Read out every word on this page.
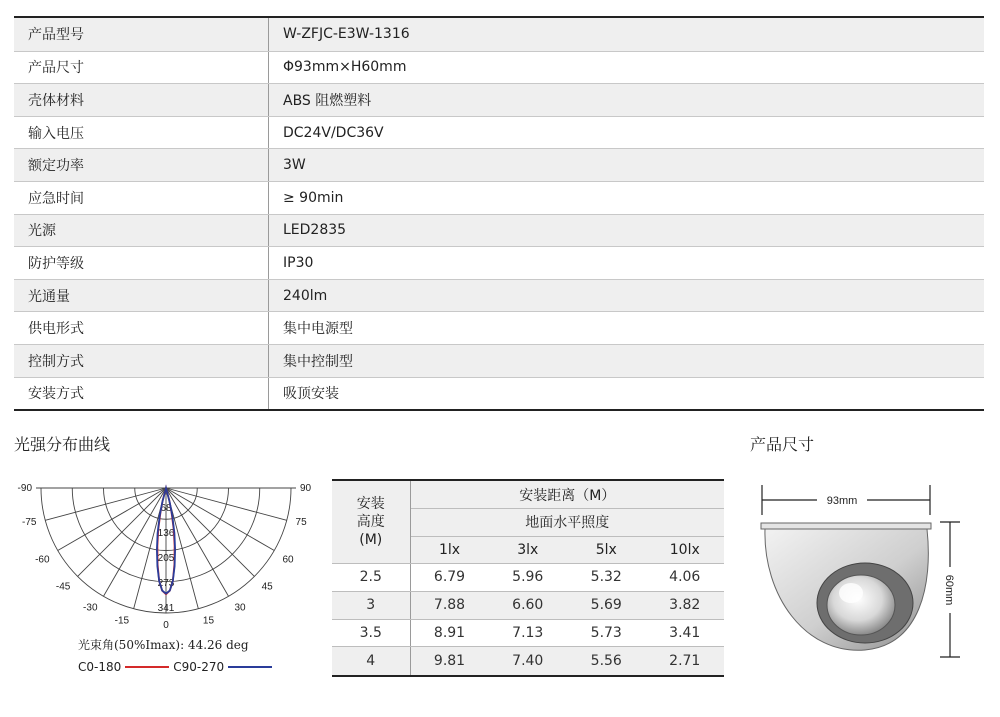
产品型号	W-ZFJC-E3W-1316
产品尺寸	Φ93mm×H60mm
壳体材料	ABS 阻燃塑料
输入电压	DC24V/DC36V
额定功率	3W
应急时间	≥ 90min
光源	LED2835
防护等级	IP30
光通量	240lm
供电形式	集中电源型
控制方式	集中控制型
安装方式	吸顶安装
光强分布曲线	产品尺寸
-90
-75
-60
-45
-30
-15	0	15
30
45
60
75
90
68
136
205
273
341
光束角(50%Imax): 44.26 deg
C0-180	C90-270
安装
高度
(M)	安装距离（M）			
	地面水平照度			
	1lx	3lx	5lx	10lx
2.5	6.79	5.96	5.32	4.06
3	7.88	6.60	5.69	3.82
3.5	8.91	7.13	5.73	3.41
4	9.81	7.40	5.56	2.71
93mm
60mm
